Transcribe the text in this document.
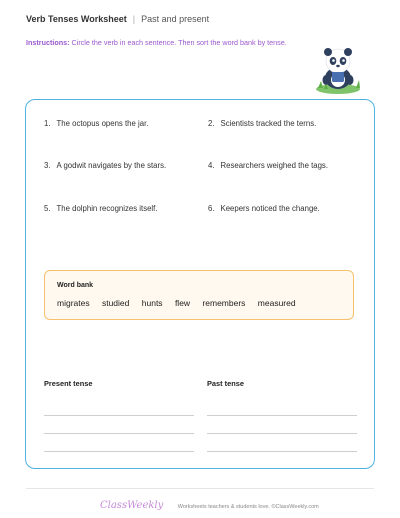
Verb Tenses Worksheet | Past and present
Instructions: Circle the verb in each sentence. Then sort the word bank by tense.
1. The octopus opens the jar.	2. Scientists tracked the terns.
3. A godwit navigates by the stars.	4. Researchers weighed the tags.
5. The dolphin recognizes itself.	6. Keepers noticed the change.
Word bank
migrates studied hunts flew remembers measured
Present tense	Past tense
ClassWeekly	Worksheets teachers & students love. ©ClassWeekly.com
